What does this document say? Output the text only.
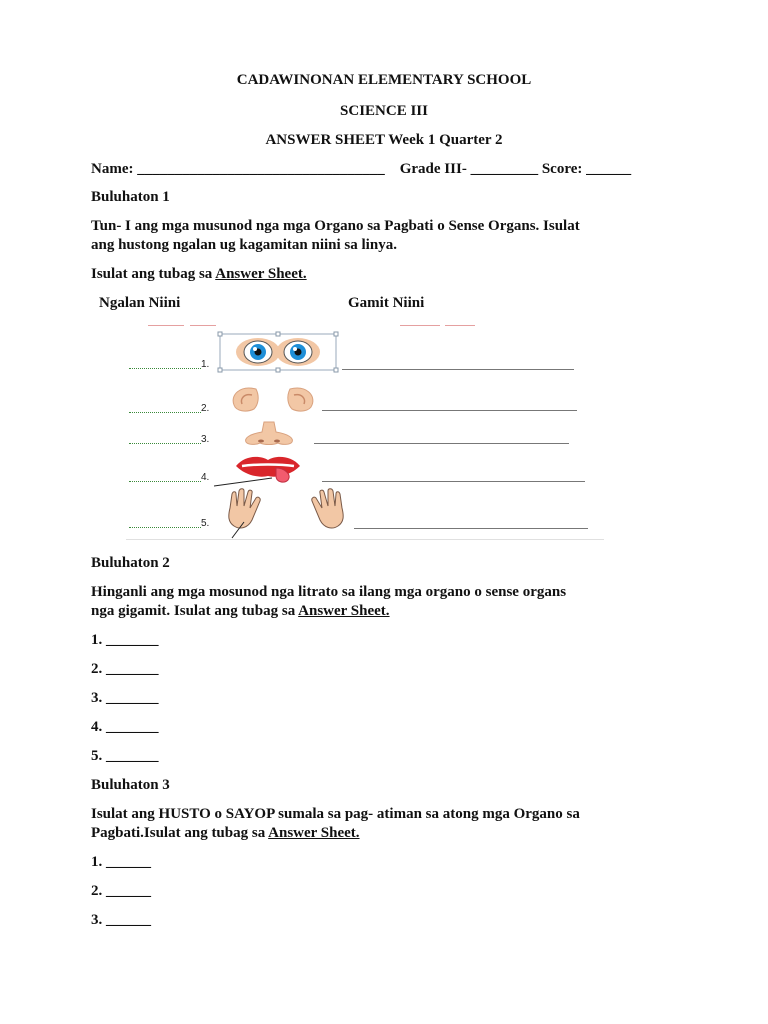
CADAWINONAN ELEMENTARY SCHOOL
SCIENCE III
ANSWER SHEET Week 1 Quarter 2
Name: _________________________________ Grade III- _________ Score: ______
Buluhaton 1
Tun- I ang mga musunod nga mga Organo sa Pagbati o Sense Organs. Isulat
ang hustong ngalan ug kagamitan niini sa linya.
Isulat ang tubag sa Answer Sheet.
Ngalan Niini	Gamit Niini
1.
2.
3.
4.
5.
Buluhaton 2
Hinganli ang mga mosunod nga litrato sa ilang mga organo o sense organs
nga gigamit. Isulat ang tubag sa Answer Sheet.
1. _______
2. _______
3. _______
4. _______
5. _______
Buluhaton 3
Isulat ang HUSTO o SAYOP sumala sa pag- atiman sa atong mga Organo sa
Pagbati.Isulat ang tubag sa Answer Sheet.
1. ______
2. ______
3. ______
